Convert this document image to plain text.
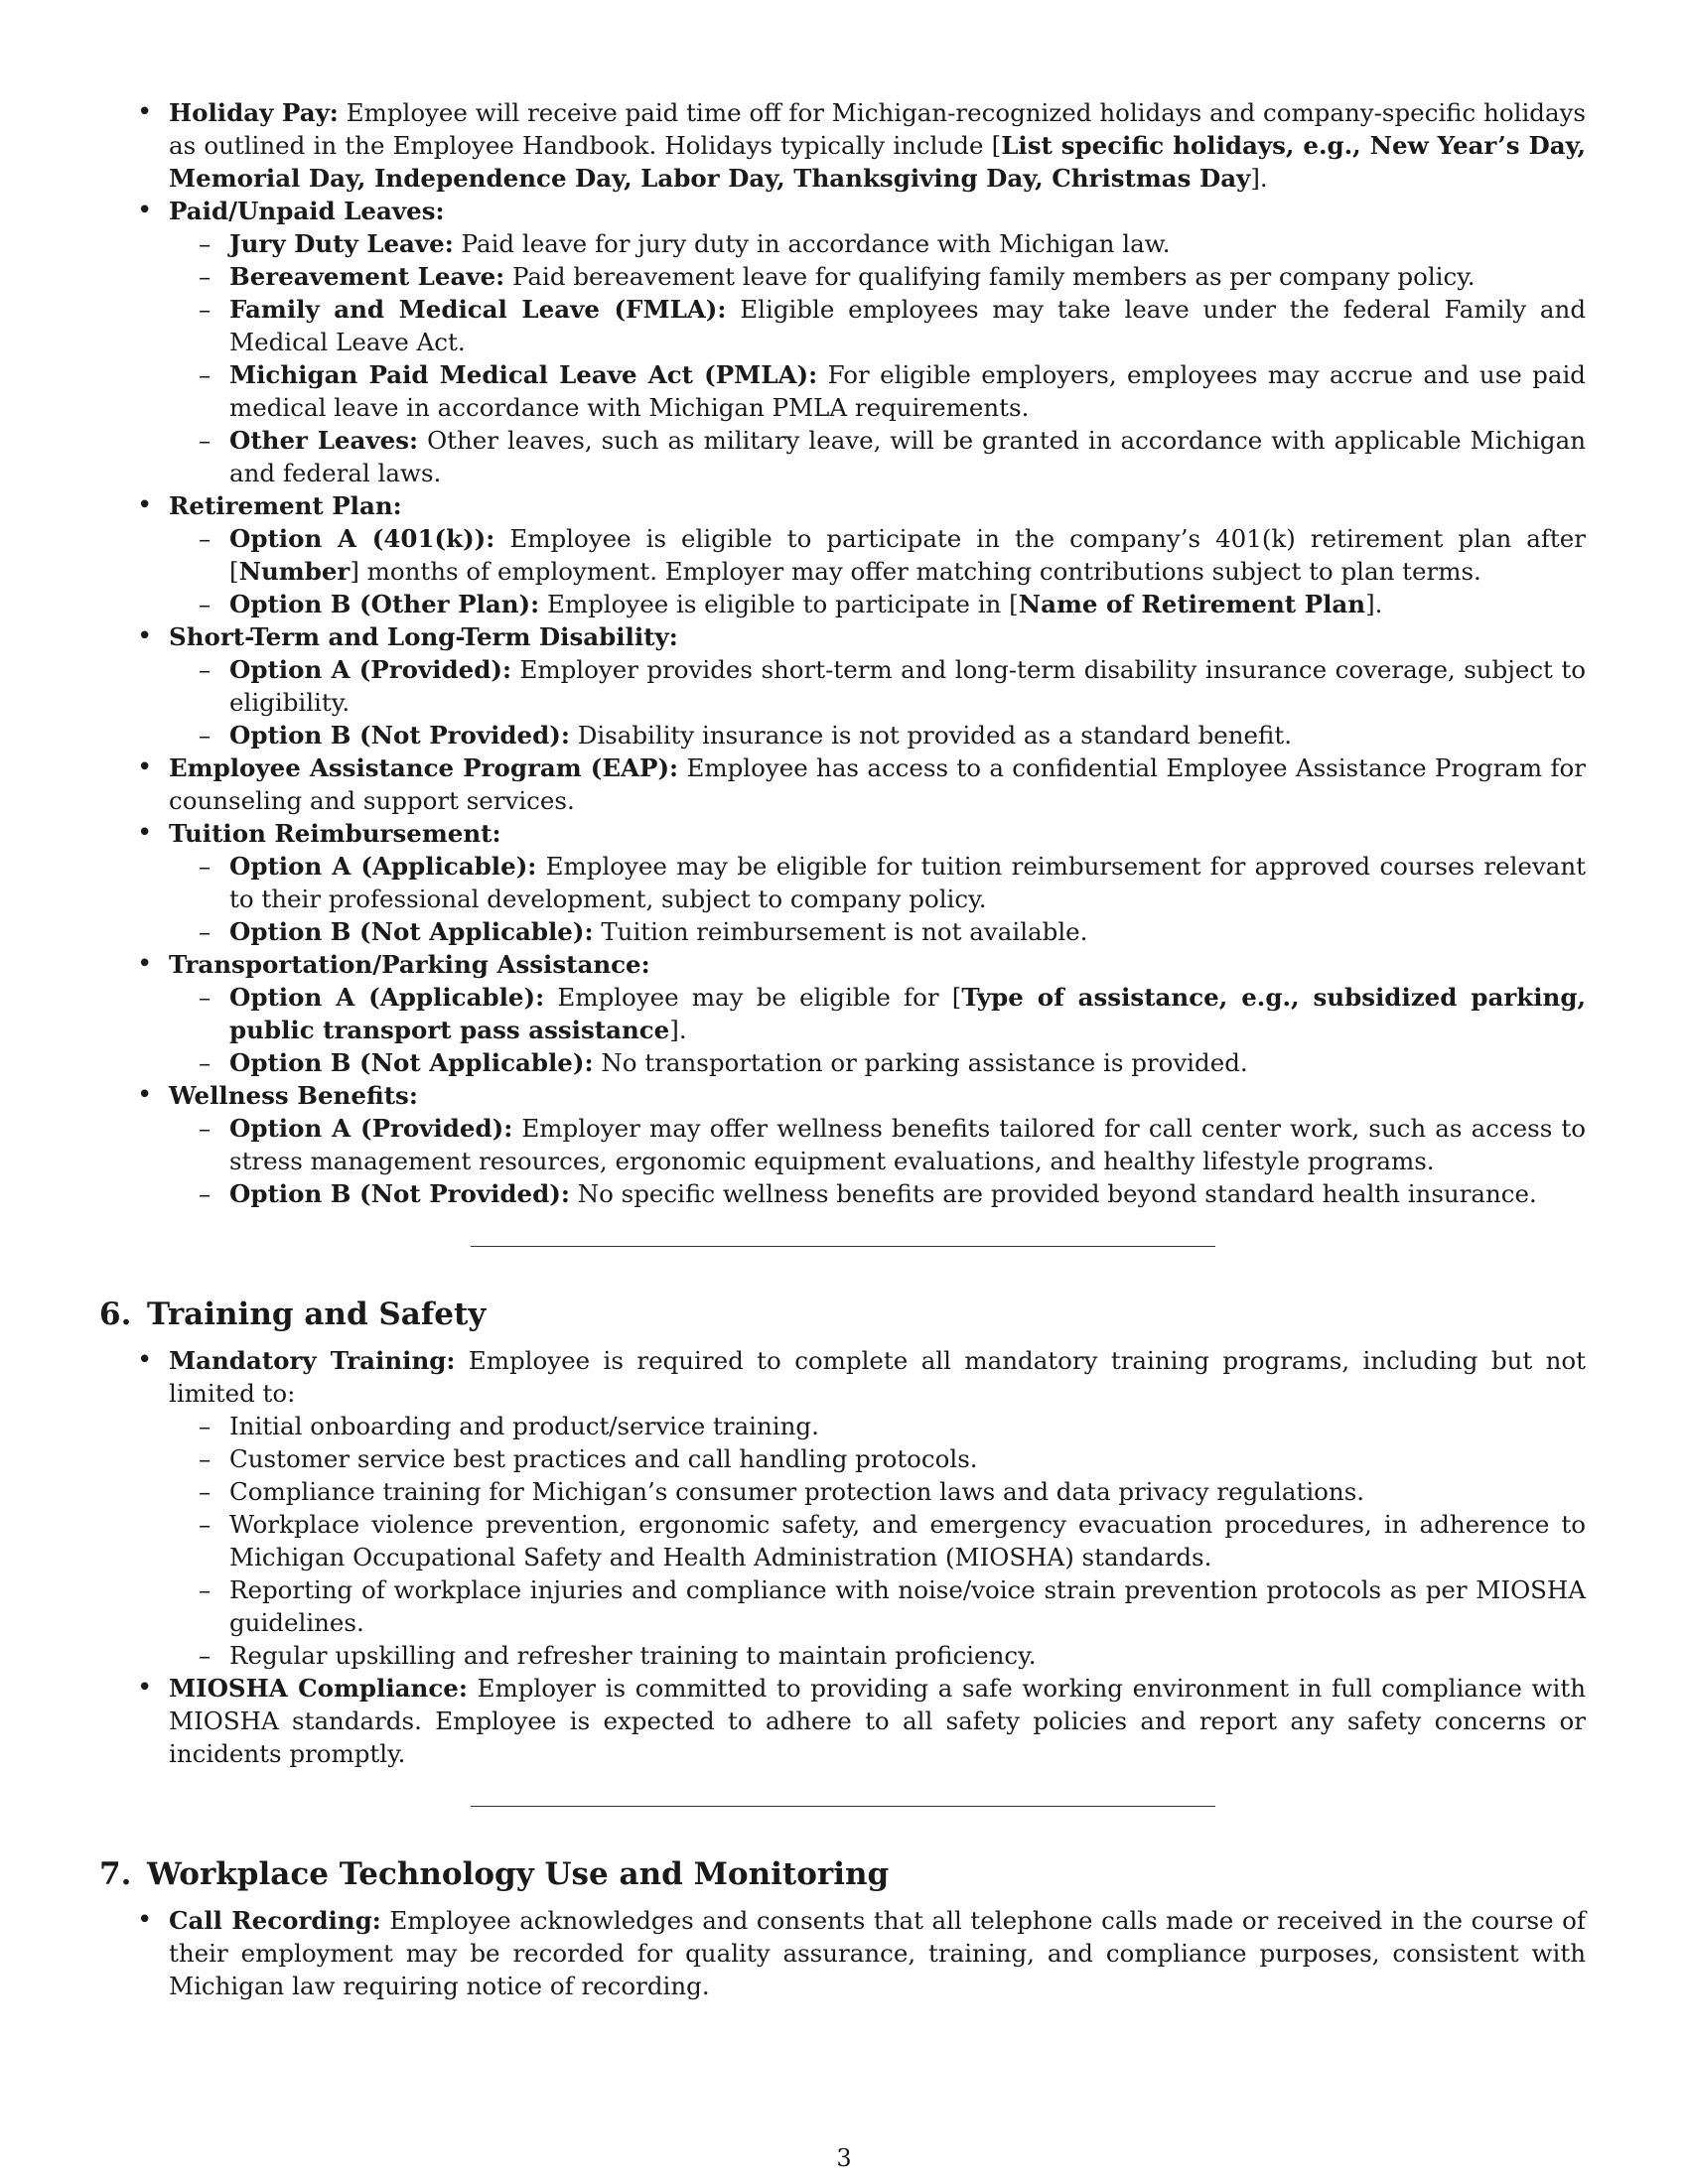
• Holiday Pay: Employee will receive paid time off for Michigan-recognized holidays and company-specific holidays as outlined in the Employee Handbook. Holidays typically include [List specific holidays, e.g., New Year’s Day, Memorial Day, Independence Day, Labor Day, Thanksgiving Day, Christmas Day].
• Paid/Unpaid Leaves:
– Jury Duty Leave: Paid leave for jury duty in accordance with Michigan law.
– Bereavement Leave: Paid bereavement leave for qualifying family members as per company policy.
– Family and Medical Leave (FMLA): Eligible employees may take leave under the federal Family and Medical Leave Act.
– Michigan Paid Medical Leave Act (PMLA): For eligible employers, employees may accrue and use paid medical leave in accordance with Michigan PMLA requirements.
– Other Leaves: Other leaves, such as military leave, will be granted in accordance with applicable Michigan and federal laws.
• Retirement Plan:
– Option A (401(k)): Employee is eligible to participate in the company’s 401(k) retirement plan after [Number] months of employment. Employer may offer matching contributions subject to plan terms.
– Option B (Other Plan): Employee is eligible to participate in [Name of Retirement Plan].
• Short-Term and Long-Term Disability:
– Option A (Provided): Employer provides short-term and long-term disability insurance coverage, subject to eligibility.
– Option B (Not Provided): Disability insurance is not provided as a standard benefit.
• Employee Assistance Program (EAP): Employee has access to a confidential Employee Assistance Program for counseling and support services.
• Tuition Reimbursement:
– Option A (Applicable): Employee may be eligible for tuition reimbursement for approved courses relevant to their professional development, subject to company policy.
– Option B (Not Applicable): Tuition reimbursement is not available.
• Transportation/Parking Assistance:
– Option A (Applicable): Employee may be eligible for [Type of assistance, e.g., subsidized parking, public transport pass assistance].
– Option B (Not Applicable): No transportation or parking assistance is provided.
• Wellness Benefits:
– Option A (Provided): Employer may offer wellness benefits tailored for call center work, such as access to stress management resources, ergonomic equipment evaluations, and healthy lifestyle programs.
– Option B (Not Provided): No specific wellness benefits are provided beyond standard health insurance.
6. Training and Safety
• Mandatory Training: Employee is required to complete all mandatory training programs, including but not limited to:
– Initial onboarding and product/service training.
– Customer service best practices and call handling protocols.
– Compliance training for Michigan’s consumer protection laws and data privacy regulations.
– Workplace violence prevention, ergonomic safety, and emergency evacuation procedures, in adherence to Michigan Occupational Safety and Health Administration (MIOSHA) standards.
– Reporting of workplace injuries and compliance with noise/voice strain prevention protocols as per MIOSHA guidelines.
– Regular upskilling and refresher training to maintain proficiency.
• MIOSHA Compliance: Employer is committed to providing a safe working environment in full compliance with MIOSHA standards. Employee is expected to adhere to all safety policies and report any safety concerns or incidents promptly.
7. Workplace Technology Use and Monitoring
• Call Recording: Employee acknowledges and consents that all telephone calls made or received in the course of their employment may be recorded for quality assurance, training, and compliance purposes, consistent with Michigan law requiring notice of recording.
3
